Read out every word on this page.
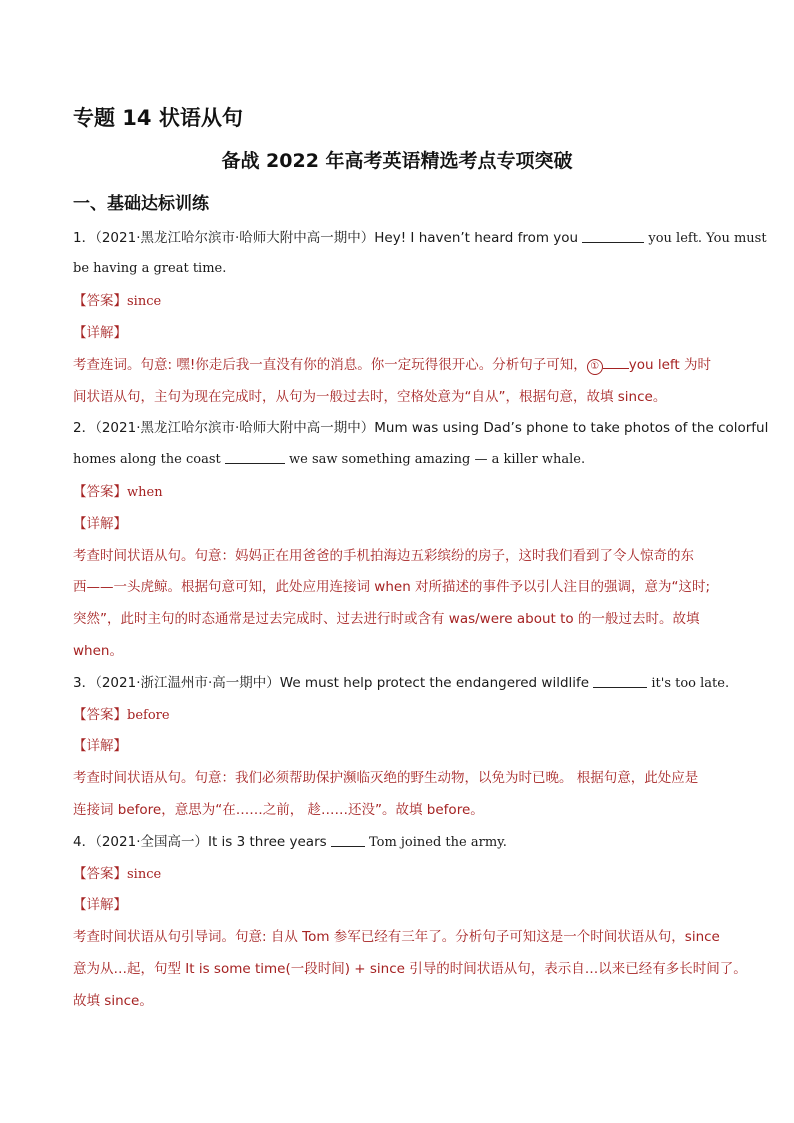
专题 14 状语从句
备战 2022 年高考英语精选考点专项突破
一、基础达标训练
1．（2021·黑龙江哈尔滨市·哈师大附中高一期中）Hey! I haven’t heard from you	you left. You must
be having a great time.
【答案】since
【详解】
考查连词。句意: 嘿!你走后我一直没有你的消息。你一定玩得很开心。分析句子可知， ① you left 为时
间状语从句，主句为现在完成时，从句为一般过去时，空格处意为“自从”，根据句意，故填 since。
2．（2021·黑龙江哈尔滨市·哈师大附中高一期中）Mum was using Dad’s phone to take photos of the colorful
homes along the coast	we saw something amazing — a killer whale.
【答案】when
【详解】
考查时间状语从句。句意：妈妈正在用爸爸的手机拍海边五彩缤纷的房子，这时我们看到了令人惊奇的东
西——一头虎鲸。根据句意可知，此处应用连接词 when 对所描述的事件予以引人注目的强调，意为“这时;
突然”，此时主句的时态通常是过去完成时、过去进行时或含有 was/were about to 的一般过去时。故填
when。
3．（2021·浙江温州市·高一期中）We must help protect the endangered wildlife	it's too late.
【答案】before
【详解】
考查时间状语从句。句意：我们必须帮助保护濒临灭绝的野生动物，以免为时已晚。 根据句意，此处应是
连接词 before，意思为“在……之前， 趁……还没”。故填 before。
4．（2021·全国高一）It is 3 three years	Tom joined the army.
【答案】since
【详解】
考查时间状语从句引导词。句意: 自从 Tom 参军已经有三年了。分析句子可知这是一个时间状语从句，since
意为从…起，句型 It is some time(一段时间) + since 引导的时间状语从句，表示自…以来已经有多长时间了。
故填 since。
